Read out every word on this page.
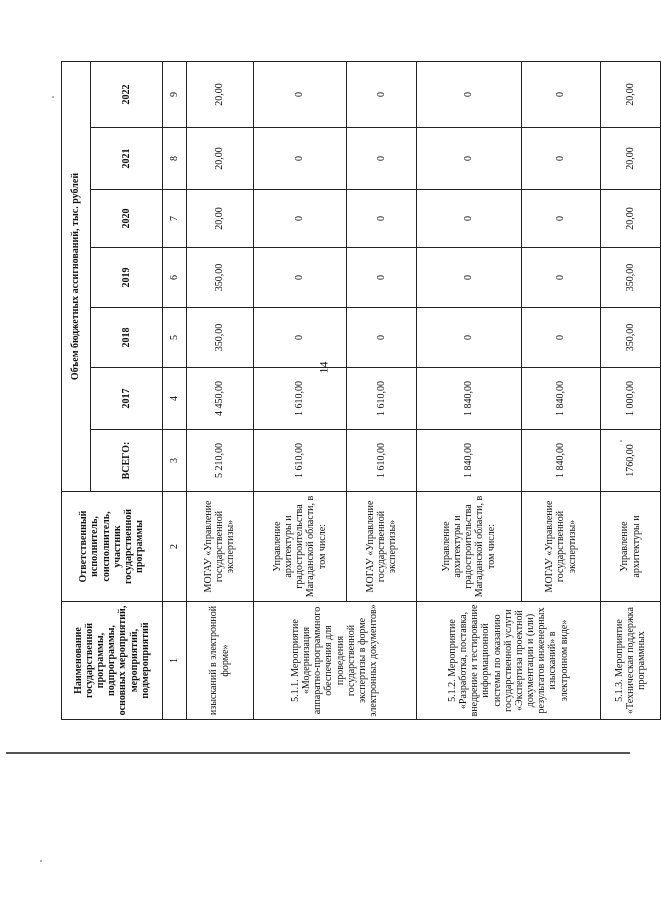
14
Наименование государственной программы, подпрограммы, основных мероприятий, мероприятий, подмероприятий	Ответственный исполнитель, соисполнитель, участник государственной программы	Объем бюджетных ассигнований, тыс. рублей						
		ВСЕГО:	2017	2018	2019	2020	2021	2022
1	2	3	4	5	6	7	8	9
изысканий в электронной форме»	МОГАУ «Управление государственной экспертизы»	5 210,00	4 450,00	350,00	350,00	20,00	20,00	20,00
5.1.1. Мероприятие «Модернизация аппаратно-программного обеспечения для проведения государственной экспертизы в форме электронных документов»	Управление архитектуры и градостроительства Магаданской области, в том числе:	1 610,00	1 610,00	0	0	0	0	0
	МОГАУ «Управление государственной экспертизы»	1 610,00	1 610,00	0	0	0	0	0
5.1.2. Мероприятие «Разработка, поставка, внедрение и тестирование информационной системы по оказанию государственной услуги «Экспертиза проектной документации и (или) результатов инженерных изысканий» в электронном виде»	Управление архитектуры и градостроительства Магаданской области, в том числе:	1 840,00	1 840,00	0	0	0	0	0
	МОГАУ «Управление государственной экспертизы»	1 840,00	1 840,00	0	0	0	0	0
5.1.3. Мероприятие «Техническая поддержка программных	Управление архитектуры и	1760,00	1 000,00	350,00	350,00	20,00	20,00	20,00
